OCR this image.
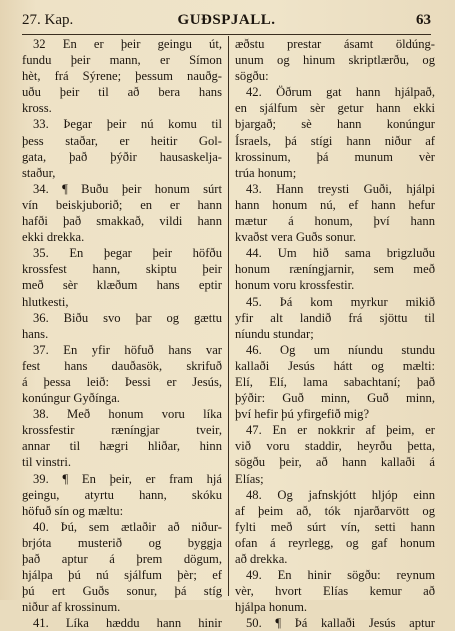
27. Kap.	GUÐSPJALL.	63
32 En er þeir geingu út,
fundu þeir mann, er Símon
hèt, frá Sýrene; þessum nauðg-
uðu þeir til að bera hans
kross.
33. Þegar þeir nú komu til
þess staðar, er heitir Gol-
gata, það þýðir hausaskelja-
staður,
34. ¶ Buðu þeir honum súrt
vín beiskjuborið; en er hann
hafði það smakkað, vildi hann
ekki drekka.
35. En þegar þeir höfðu
krossfest hann, skiptu þeir
með sèr klæðum hans eptir
hlutkesti,
36. Biðu svo þar og gættu
hans.
37. En yfir höfuð hans var
fest hans dauðasök, skrifuð
á þessa leið: Þessi er Jesús,
konúngur Gyðínga.
38. Með honum voru líka
krossfestir ræníngjar tveir,
annar til hægri hliðar, hinn
til vinstri.
39. ¶ En þeir, er fram hjá
geingu, atyrtu hann, skóku
höfuð sín og mæltu:
40. Þú, sem ætlaðir að niður-
brjóta musterið og byggja
það aptur á þrem dögum,
hjálpa þú nú sjálfum þèr; ef
þú ert Guðs sonur, þá stíg
niður af krossinum.
41. Líka hæddu hann hinir
æðstu prestar ásamt öldúng-
unum og hinum skriptlærðu, og
sögðu:
42. Öðrum gat hann hjálpað,
en sjálfum sèr getur hann ekki
bjargað; sè hann konúngur
Ísraels, þá stígi hann niður af
krossinum, þá munum vèr
trúa honum;
43. Hann treysti Guði, hjálpi
hann honum nú, ef hann hefur
mætur á honum, því hann
kvaðst vera Guðs sonur.
44. Um hið sama brigzluðu
honum ræníngjarnir, sem með
honum voru krossfestir.
45. Þá kom myrkur mikið
yfir alt landið frá sjöttu til
níundu stundar;
46. Og um níundu stundu
kallaði Jesús hátt og mælti:
Elí, Elí, lama sabachtaní; það
þýðir: Guð minn, Guð minn,
því hefir þú yfirgefið mig?
47. En er nokkrir af þeim, er
við voru staddir, heyrðu þetta,
sögðu þeir, að hann kallaði á
Elías;
48. Og jafnskjótt hljóp einn
af þeim að, tók njarðarvött og
fylti með súrt vín, setti hann
ofan á reyrlegg, og gaf honum
að drekka.
49. En hinir sögðu: reynum
vèr, hvort Elías kemur að
hjálpa honum.
50. ¶ Þá kallaði Jesús aptur
